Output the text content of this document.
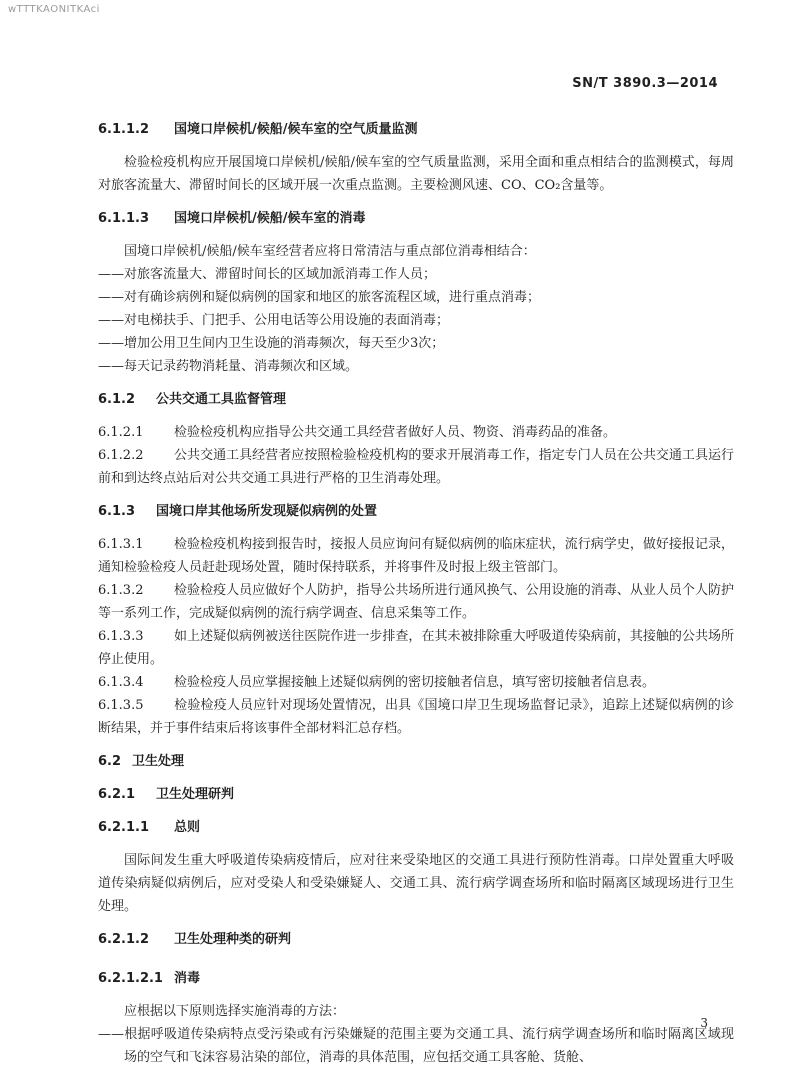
wTTTKAONITKAci
SN/T 3890.3—2014
6.1.1.2 国境口岸候机/候船/候车室的空气质量监测

检验检疫机构应开展国境口岸候机/候船/候车室的空气质量监测，采用全面和重点相结合的监测模式，每周对旅客流量大、滞留时间长的区域开展一次重点监测。主要检测风速、CO、CO₂含量等。

6.1.1.3 国境口岸候机/候船/候车室的消毒

国境口岸候机/候船/候车室经营者应将日常清洁与重点部位消毒相结合：

——对旅客流量大、滞留时间长的区域加派消毒工作人员；
——对有确诊病例和疑似病例的国家和地区的旅客流程区域，进行重点消毒；
——对电梯扶手、门把手、公用电话等公用设施的表面消毒；
——增加公用卫生间内卫生设施的消毒频次，每天至少3次；
——每天记录药物消耗量、消毒频次和区域。
6.1.2 公共交通工具监督管理

6.1.2.1 检验检疫机构应指导公共交通工具经营者做好人员、物资、消毒药品的准备。

6.1.2.2 公共交通工具经营者应按照检验检疫机构的要求开展消毒工作，指定专门人员在公共交通工具运行前和到达终点站后对公共交通工具进行严格的卫生消毒处理。

6.1.3 国境口岸其他场所发现疑似病例的处置

6.1.3.1 检验检疫机构接到报告时，接报人员应询问有疑似病例的临床症状，流行病学史，做好接报记录，通知检验检疫人员赶赴现场处置，随时保持联系，并将事件及时报上级主管部门。

6.1.3.2 检验检疫人员应做好个人防护，指导公共场所进行通风换气、公用设施的消毒、从业人员个人防护等一系列工作，完成疑似病例的流行病学调查、信息采集等工作。

6.1.3.3 如上述疑似病例被送往医院作进一步排查，在其未被排除重大呼吸道传染病前，其接触的公共场所停止使用。

6.1.3.4 检验检疫人员应掌握接触上述疑似病例的密切接触者信息，填写密切接触者信息表。

6.1.3.5 检验检疫人员应针对现场处置情况，出具《国境口岸卫生现场监督记录》，追踪上述疑似病例的诊断结果，并于事件结束后将该事件全部材料汇总存档。

6.2 卫生处理
6.2.1 卫生处理研判
6.2.1.1 总则

国际间发生重大呼吸道传染病疫情后，应对往来受染地区的交通工具进行预防性消毒。口岸处置重大呼吸道传染病疑似病例后，应对受染人和受染嫌疑人、交通工具、流行病学调查场所和临时隔离区域现场进行卫生处理。

6.2.1.2 卫生处理种类的研判
6.2.1.2.1 消毒

应根据以下原则选择实施消毒的方法：

——根据呼吸道传染病特点受污染或有污染嫌疑的范围主要为交通工具、流行病学调查场所和临时隔离区域现场的空气和飞沫容易沾染的部位，消毒的具体范围，应包括交通工具客舱、货舱、

3
